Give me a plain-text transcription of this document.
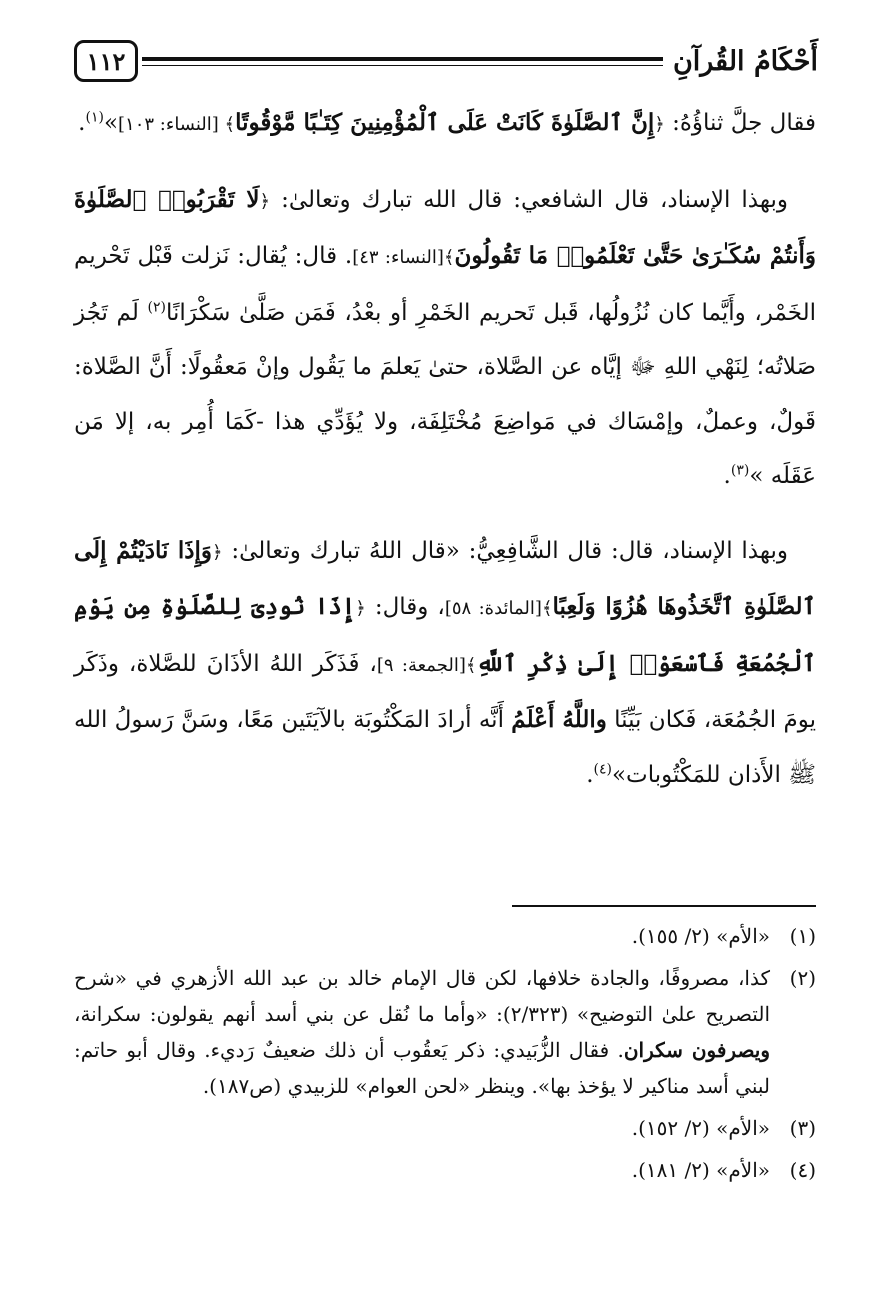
أَحْكَامُ القُرآنِ
١١٢

فقال جلَّ ثناؤُهُ: ﴿إِنَّ ٱلصَّلَوٰةَ كَانَتْ عَلَى ٱلْمُؤْمِنِينَ كِتَـٰبًا مَّوْقُوتًا﴾ [النساء: ١٠٣]»$^{(١)}$.

وبهذا الإسناد، قال الشافعي: قال الله تبارك وتعالىٰ: ﴿لَا تَقْرَبُوا۟ ٱلصَّلَوٰةَ وَأَنتُمْ سُكَـٰرَىٰ حَتَّىٰ تَعْلَمُوا۟ مَا تَقُولُونَ﴾[النساء: ٤٣]. قال: يُقال: نَزلت قَبْل تَحْريم الخَمْر، وأَيَّما كان نُزُولُها، قَبل تَحريم الخَمْرِ أو بعْدُ، فَمَن صَلَّىٰ سَكْرَانًا$^{(٢)}$ لَم تَجُز صَلاتُه؛ لِنَهْي اللهِ ﷻ إيَّاه عن الصَّلاة، حتىٰ يَعلمَ ما يَقُول وإنْ مَعقُولًا: أَنَّ الصَّلاة: قَولٌ، وعملٌ، وإمْسَاك في مَواضِعَ مُخْتَلِفَة، ولا يُؤَدِّي هذا -كَمَا أُمِر به، إلا مَن عَقَلَه »$^{(٣)}$.

وبهذا الإسناد، قال: قال الشَّافِعِيُّ: «قال اللهُ تبارك وتعالىٰ: ﴿وَإِذَا نَادَيْتُمْ إِلَى ٱلصَّلَوٰةِ ٱتَّخَذُوهَا هُزُوًا وَلَعِبًا﴾[المائدة: ٥٨]، وقال: ﴿إِذَا نُودِىَ لِلصَّلَوٰةِ مِن يَوْمِ ٱلْجُمُعَةِ فَٱسْعَوْا۟ إِلَىٰ ذِكْرِ ٱللَّهِ﴾[الجمعة: ٩]، فَذَكَر اللهُ الأذَانَ للصَّلاة، وذَكَر يومَ الجُمُعَة، فَكان بَيِّنًا واللَّهُ أَعْلَمُ أَنَّه أرادَ المَكْتُوبَة بالآيَتَين مَعًا، وسَنَّ رَسولُ الله ﷺ الأَذان للمَكْتُوبات»$^{(٤)}$.

(١)«الأم» (٢/ ١٥٥).

(٢)كذا، مصروفًا، والجادة خلافها، لكن قال الإمام خالد بن عبد الله الأزهري في «شرح التصريح علىٰ التوضيح» (٢/٣٢٣): «وأما ما نُقل عن بني أسد أنهم يقولون: سكرانة، ويصرفون سكران. فقال الزُّبَيدي: ذكر يَعقُوب أن ذلك ضعيفٌ رَديء. وقال أبو حاتم: لبني أسد مناكير لا يؤخذ بها». وينظر «لحن العوام» للزبيدي (ص١٨٧).

(٣)«الأم» (٢/ ١٥٢).

(٤)«الأم» (٢/ ١٨١).
